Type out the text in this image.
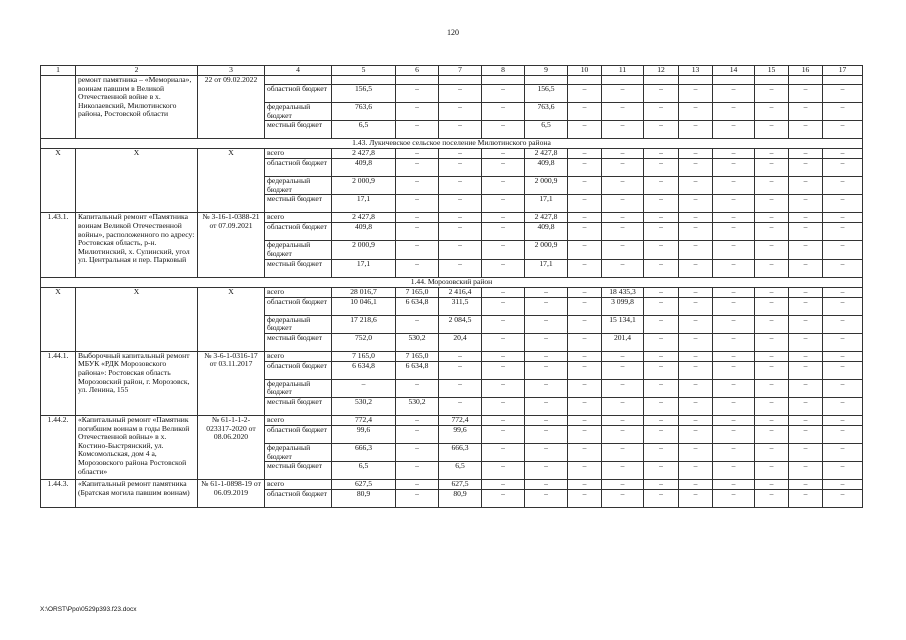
120
1	2	3	4	5	6	7	8	9	10	11	12	13	14	15	16	17
	ремонт памятника – «Мемориала», воинам павшим в Великой Отечественной войне в х. Николаевский, Милютинского района, Ростовской области	22 от 09.02.2022														
			областной бюджет	156,5	–	–	–	156,5	–	–	–	–	–	–	–	–
			федеральный бюджет	763,6	–	–	–	763,6	–	–	–	–	–	–	–	–
			местный бюджет	6,5	–	–	–	6,5	–	–	–	–	–	–	–	–
1.43. Лукичевское сельское поселение Милютинского района																
Х	Х	Х	всего	2 427,8	–	–	–	2 427,8	–	–	–	–	–	–	–	–
			областной бюджет	409,8	–	–	–	409,8	–	–	–	–	–	–	–	–
			федеральный бюджет	2 000,9	–	–	–	2 000,9	–	–	–	–	–	–	–	–
			местный бюджет	17,1	–	–	–	17,1	–	–	–	–	–	–	–	–
1.43.1.	Капитальный ремонт «Памятника воинам Великой Отечественной войны», расположенного по адресу: Ростовская область, р-н. Милютинский, х. Сулинский, угол ул. Центральная и пер. Парковый	№ 3-16-1-0388-21 от 07.09.2021	всего	2 427,8	–	–	–	2 427,8	–	–	–	–	–	–	–	–
			областной бюджет	409,8	–	–	–	409,8	–	–	–	–	–	–	–	–
			федеральный бюджет	2 000,9	–	–	–	2 000,9	–	–	–	–	–	–	–	–
			местный бюджет	17,1	–	–	–	17,1	–	–	–	–	–	–	–	–
1.44. Морозовский район																
Х	Х	Х	всего	28 016,7	7 165,0	2 416,4	–	–	–	18 435,3	–	–	–	–	–	–
			областной бюджет	10 046,1	6 634,8	311,5	–	–	–	3 099,8	–	–	–	–	–	–
			федеральный бюджет	17 218,6	–	2 084,5	–	–	–	15 134,1	–	–	–	–	–	–
			местный бюджет	752,0	530,2	20,4	–	–	–	201,4	–	–	–	–	–	–
1.44.1.	Выборочный капитальный ремонт МБУК «РДК Морозовского района»: Ростовская область Морозовский район, г. Морозовск, ул. Ленина, 155	№ 3-6-1-0316-17 от 03.11.2017	всего	7 165,0	7 165,0	–	–	–	–	–	–	–	–	–	–	–
			областной бюджет	6 634,8	6 634,8	–	–	–	–	–	–	–	–	–	–	–
			федеральный бюджет	–	–	–	–	–	–	–	–	–	–	–	–	–
			местный бюджет	530,2	530,2	–	–	–	–	–	–	–	–	–	–	–
1.44.2.	«Капитальный ремонт «Памятник погибшим воинам в годы Великой Отечественной войны» в х. Костино-Быстрянский, ул. Комсомольская, дом 4 а, Морозовского района Ростовской области»	№ 61-1-1-2-023317-2020 от 08.06.2020	всего	772,4	–	772,4	–	–	–	–	–	–	–	–	–	–
			областной бюджет	99,6	–	99,6	–	–	–	–	–	–	–	–	–	–
			федеральный бюджет	666,3	–	666,3	–	–	–	–	–	–	–	–	–	–
			местный бюджет	6,5	–	6,5	–	–	–	–	–	–	–	–	–	–
1.44.3.	«Капитальный ремонт памятника (Братская могила павшим воинам)	№ 61-1-0898-19 от 06.09.2019	всего	627,5	–	627,5	–	–	–	–	–	–	–	–	–	–
			областной бюджет	80,9	–	80,9	–	–	–	–	–	–	–	–	–	–
X:\ORST\Ppo\0529p393.f23.docx
